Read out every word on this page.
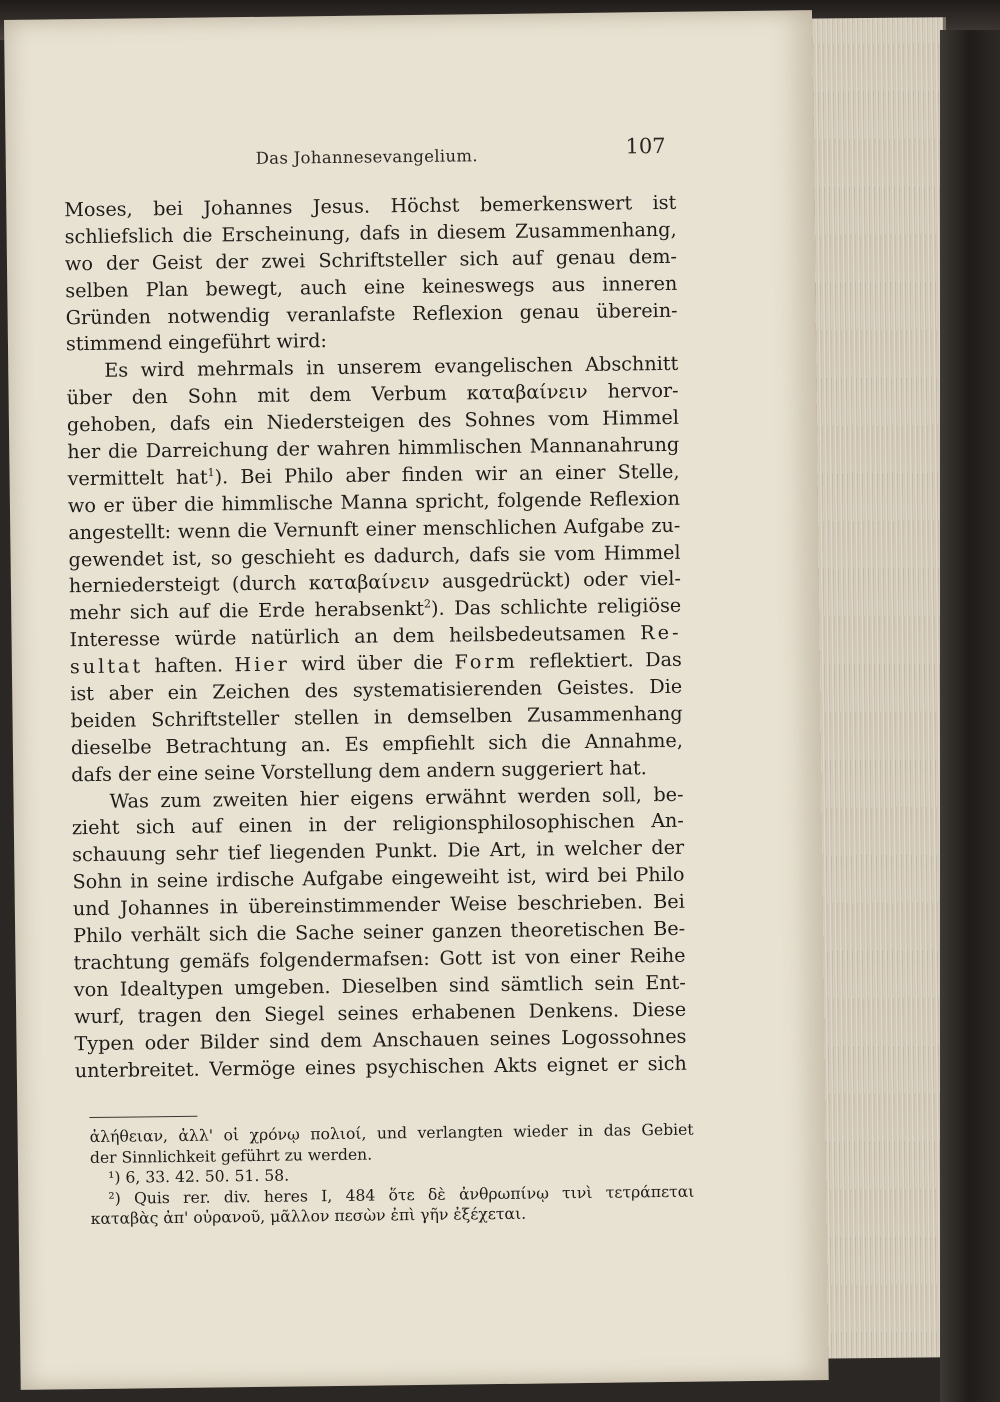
Das Johannesevangelium.	107
Moses, bei Johannes Jesus. Höchst bemerkenswert ist
schliefslich die Erscheinung, dafs in diesem Zusammenhang,
wo der Geist der zwei Schriftsteller sich auf genau dem-
selben Plan bewegt, auch eine keineswegs aus inneren
Gründen notwendig veranlafste Reflexion genau überein-
stimmend eingeführt wird:
Es wird mehrmals in unserem evangelischen Abschnitt
über den Sohn mit dem Verbum καταβαίνειν hervor-
gehoben, dafs ein Niedersteigen des Sohnes vom Himmel
her die Darreichung der wahren himmlischen Mannanahrung
vermittelt hat$^1$). Bei Philo aber finden wir an einer Stelle,
wo er über die himmlische Manna spricht, folgende Reflexion
angestellt: wenn die Vernunft einer menschlichen Aufgabe zu-
gewendet ist, so geschieht es dadurch, dafs sie vom Himmel
herniedersteigt (durch καταβαίνειν ausgedrückt) oder viel-
mehr sich auf die Erde herabsenkt$^2$). Das schlichte religiöse
Interesse würde natürlich an dem heilsbedeutsamen Re-
sultat haften. Hier wird über die Form reflektiert. Das
ist aber ein Zeichen des systematisierenden Geistes. Die
beiden Schriftsteller stellen in demselben Zusammenhang
dieselbe Betrachtung an. Es empfiehlt sich die Annahme,
dafs der eine seine Vorstellung dem andern suggeriert hat.
Was zum zweiten hier eigens erwähnt werden soll, be-
zieht sich auf einen in der religionsphilosophischen An-
schauung sehr tief liegenden Punkt. Die Art, in welcher der
Sohn in seine irdische Aufgabe eingeweiht ist, wird bei Philo
und Johannes in übereinstimmender Weise beschrieben. Bei
Philo verhält sich die Sache seiner ganzen theoretischen Be-
trachtung gemäfs folgendermafsen: Gott ist von einer Reihe
von Idealtypen umgeben. Dieselben sind sämtlich sein Ent-
wurf, tragen den Siegel seines erhabenen Denkens. Diese
Typen oder Bilder sind dem Anschauen seines Logossohnes
unterbreitet. Vermöge eines psychischen Akts eignet er sich
ἀλήθειαν, ἀλλ' οἱ χρόνῳ πολιοί, und verlangten wieder in das Gebiet
der Sinnlichkeit geführt zu werden.
¹) 6, 33. 42. 50. 51. 58.
²) Quis rer. div. heres I, 484 ὅτε δὲ ἀνθρωπίνῳ τινὶ τετράπεται
καταβὰς ἀπ' οὐρανοῦ, μᾶλλον πεσὼν ἐπὶ γῆν ἐξέχεται.
